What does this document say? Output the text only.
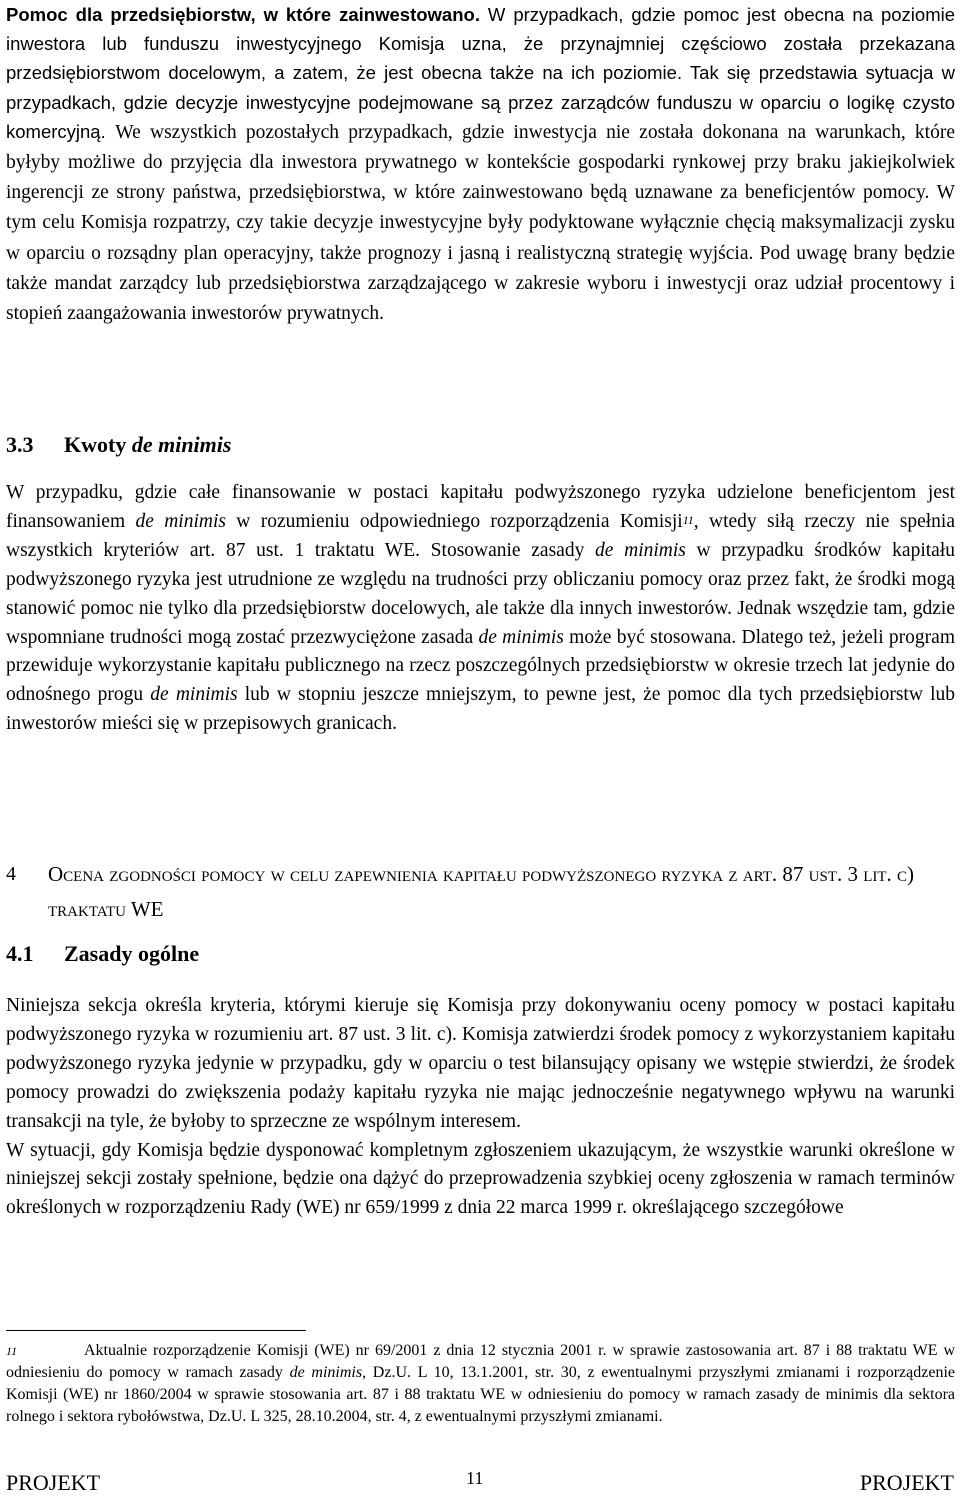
Pomoc dla przedsiębiorstw, w które zainwestowano. W przypadkach, gdzie pomoc jest obecna na poziomie inwestora lub funduszu inwestycyjnego Komisja uzna, że przynajmniej częściowo została przekazana przedsiębiorstwom docelowym, a zatem, że jest obecna także na ich poziomie. Tak się przedstawia sytuacja w przypadkach, gdzie decyzje inwestycyjne podejmowane są przez zarządców funduszu w oparciu o logikę czysto komercyjną. We wszystkich pozostałych przypadkach, gdzie inwestycja nie została dokonana na warunkach, które byłyby możliwe do przyjęcia dla inwestora prywatnego w kontekście gospodarki rynkowej przy braku jakiejkolwiek ingerencji ze strony państwa, przedsiębiorstwa, w które zainwestowano będą uznawane za beneficjentów pomocy. W tym celu Komisja rozpatrzy, czy takie decyzje inwestycyjne były podyktowane wyłącznie chęcią maksymalizacji zysku w oparciu o rozsądny plan operacyjny, także prognozy i jasną i realistyczną strategię wyjścia. Pod uwagę brany będzie także mandat zarządcy lub przedsiębiorstwa zarządzającego w zakresie wyboru i inwestycji oraz udział procentowy i stopień zaangażowania inwestorów prywatnych.

3.3 Kwoty de minimis

W przypadku, gdzie całe finansowanie w postaci kapitału podwyższonego ryzyka udzielone beneficjentom jest finansowaniem de minimis w rozumieniu odpowiedniego rozporządzenia Komisji$^{11}$, wtedy siłą rzeczy nie spełnia wszystkich kryteriów art. 87 ust. 1 traktatu WE. Stosowanie zasady de minimis w przypadku środków kapitału podwyższonego ryzyka jest utrudnione ze względu na trudności przy obliczaniu pomocy oraz przez fakt, że środki mogą stanowić pomoc nie tylko dla przedsiębiorstw docelowych, ale także dla innych inwestorów. Jednak wszędzie tam, gdzie wspomniane trudności mogą zostać przezwyciężone zasada de minimis może być stosowana. Dlatego też, jeżeli program przewiduje wykorzystanie kapitału publicznego na rzecz poszczególnych przedsiębiorstw w okresie trzech lat jedynie do odnośnego progu de minimis lub w stopniu jeszcze mniejszym, to pewne jest, że pomoc dla tych przedsiębiorstw lub inwestorów mieści się w przepisowych granicach.

4 Ocena zgodności pomocy w celu zapewnienia kapitału podwyższonego ryzyka z art. 87 ust. 3 lit. c) traktatu WE
4.1 Zasady ogólne

Niniejsza sekcja określa kryteria, którymi kieruje się Komisja przy dokonywaniu oceny pomocy w postaci kapitału podwyższonego ryzyka w rozumieniu art. 87 ust. 3 lit. c). Komisja zatwierdzi środek pomocy z wykorzystaniem kapitału podwyższonego ryzyka jedynie w przypadku, gdy w oparciu o test bilansujący opisany we wstępie stwierdzi, że środek pomocy prowadzi do zwiększenia podaży kapitału ryzyka nie mając jednocześnie negatywnego wpływu na warunki transakcji na tyle, że byłoby to sprzeczne ze wspólnym interesem.
W sytuacji, gdy Komisja będzie dysponować kompletnym zgłoszeniem ukazującym, że wszystkie warunki określone w niniejszej sekcji zostały spełnione, będzie ona dążyć do przeprowadzenia szybkiej oceny zgłoszenia w ramach terminów określonych w rozporządzeniu Rady (WE) nr 659/1999 z dnia 22 marca 1999 r. określającego szczegółowe

11	Aktualnie rozporządzenie Komisji (WE) nr 69/2001 z dnia 12 stycznia 2001 r. w sprawie zastosowania art. 87 i 88 traktatu WE w odniesieniu do pomocy w ramach zasady de minimis, Dz.U. L 10, 13.1.2001, str. 30, z ewentualnymi przyszłymi zmianami i rozporządzenie Komisji (WE) nr 1860/2004 w sprawie stosowania art. 87 i 88 traktatu WE w odniesieniu do pomocy w ramach zasady de minimis dla sektora rolnego i sektora rybołówstwa, Dz.U. L 325, 28.10.2004, str. 4, z ewentualnymi przyszłymi zmianami.

PROJEKT	11	PROJEKT
